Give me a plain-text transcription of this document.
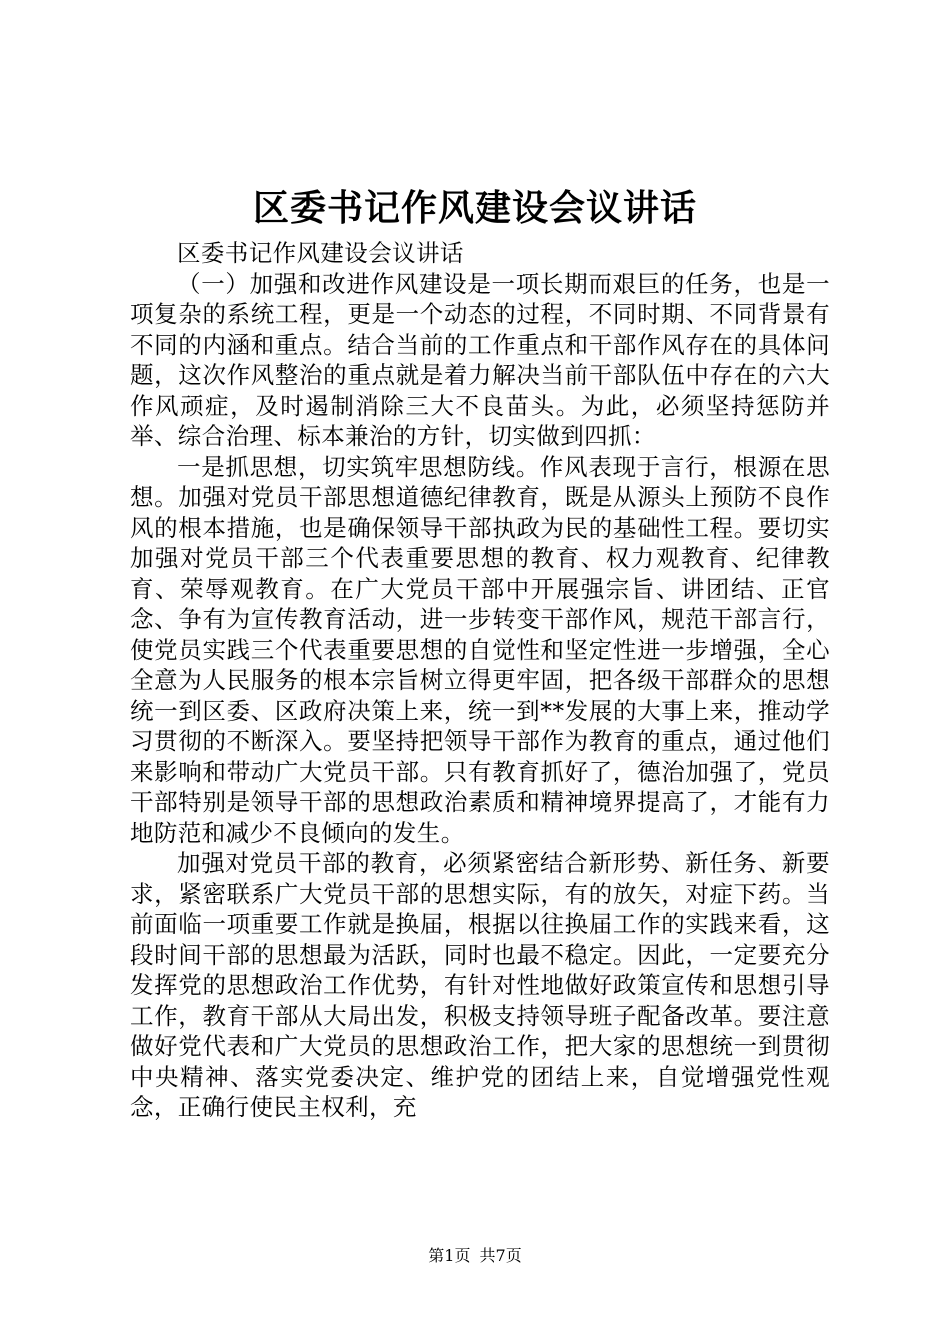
区委书记作风建设会议讲话

区委书记作风建设会议讲话

（一）加强和改进作风建设是一项长期而艰巨的任务，也是一项复杂的系统工程，更是一个动态的过程，不同时期、不同背景有不同的内涵和重点。结合当前的工作重点和干部作风存在的具体问题，这次作风整治的重点就是着力解决当前干部队伍中存在的六大作风顽症，及时遏制消除三大不良苗头。为此，必须坚持惩防并举、综合治理、标本兼治的方针，切实做到四抓：

一是抓思想，切实筑牢思想防线。作风表现于言行，根源在思想。加强对党员干部思想道德纪律教育，既是从源头上预防不良作风的根本措施，也是确保领导干部执政为民的基础性工程。要切实加强对党员干部三个代表重要思想的教育、权力观教育、纪律教育、荣辱观教育。在广大党员干部中开展强宗旨、讲团结、正官念、争有为宣传教育活动，进一步转变干部作风，规范干部言行，使党员实践三个代表重要思想的自觉性和坚定性进一步增强，全心全意为人民服务的根本宗旨树立得更牢固，把各级干部群众的思想统一到区委、区政府决策上来，统一到**发展的大事上来，推动学习贯彻的不断深入。要坚持把领导干部作为教育的重点，通过他们来影响和带动广大党员干部。只有教育抓好了，德治加强了，党员干部特别是领导干部的思想政治素质和精神境界提高了，才能有力地防范和减少不良倾向的发生。

加强对党员干部的教育，必须紧密结合新形势、新任务、新要求，紧密联系广大党员干部的思想实际，有的放矢，对症下药。当前面临一项重要工作就是换届，根据以往换届工作的实践来看，这段时间干部的思想最为活跃，同时也最不稳定。因此，一定要充分发挥党的思想政治工作优势，有针对性地做好政策宣传和思想引导工作，教育干部从大局出发，积极支持领导班子配备改革。要注意做好党代表和广大党员的思想政治工作，把大家的思想统一到贯彻中央精神、落实党委决定、维护党的团结上来，自觉增强党性观念，正确行使民主权利，充

第1页 共7页
